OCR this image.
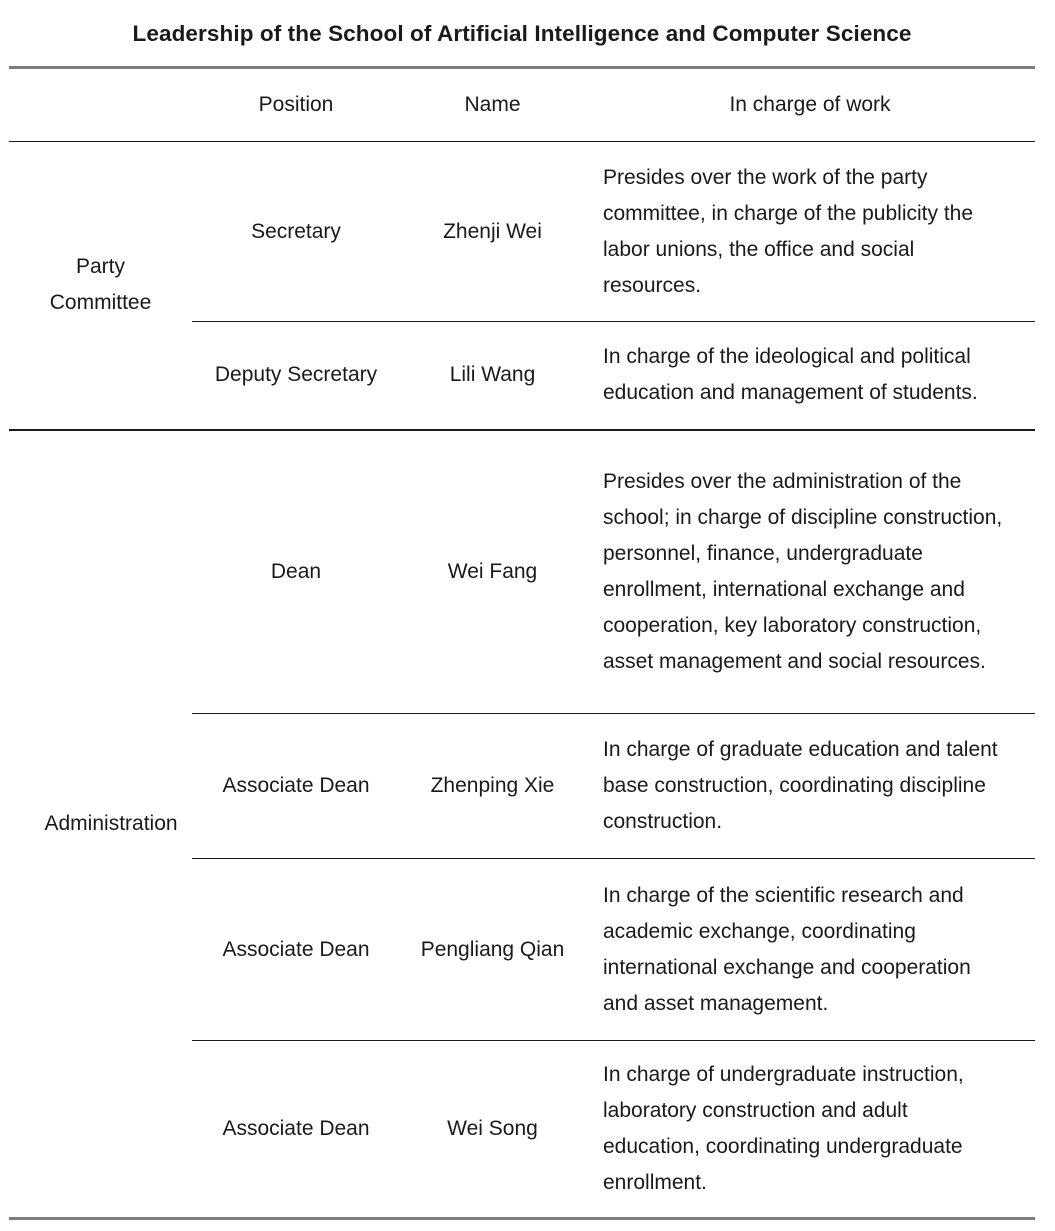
Leadership of the School of Artificial Intelligence and Computer Science
	Position	Name	In charge of work

Party Committee	Secretary	Zhenji Wei	Presides over the work of the party committee, in charge of the publicity the labor unions, the office and social resources.
	Deputy Secretary	Lili Wang	In charge of the ideological and political education and management of students.

Administration	Dean	Wei Fang	Presides over the administration of the school; in charge of discipline construction, personnel, finance, undergraduate enrollment, international exchange and cooperation, key laboratory construction, asset management and social resources.
	Associate Dean	Zhenping Xie	In charge of graduate education and talent base construction, coordinating discipline construction.
	Associate Dean	Pengliang Qian	In charge of the scientific research and academic exchange, coordinating international exchange and cooperation and asset management.
	Associate Dean	Wei Song	In charge of undergraduate instruction, laboratory construction and adult education, coordinating undergraduate enrollment.
